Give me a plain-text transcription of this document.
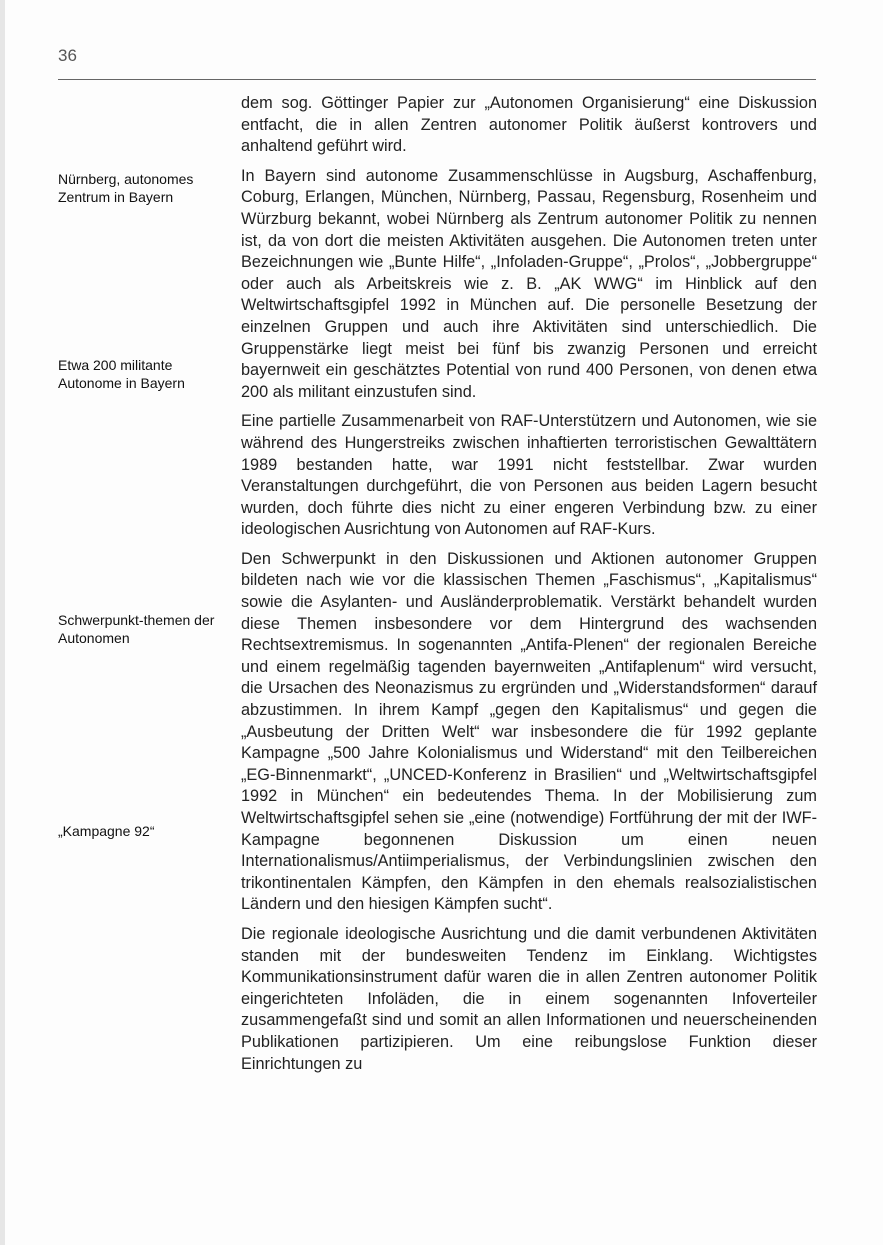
36
Nürnberg, autonomes Zentrum in Bayern
Etwa 200 militante Autonome in Bayern
Schwerpunkt-themen der Autonomen
„Kampagne 92“

dem sog. Göttinger Papier zur „Autonomen Organisierung“ eine Diskussion entfacht, die in allen Zentren autonomer Politik äußerst kontrovers und anhaltend geführt wird.

In Bayern sind autonome Zusammenschlüsse in Augsburg, Aschaffenburg, Coburg, Erlangen, München, Nürnberg, Passau, Regensburg, Rosenheim und Würzburg bekannt, wobei Nürnberg als Zentrum autonomer Politik zu nennen ist, da von dort die meisten Aktivitäten ausgehen. Die Autonomen treten unter Bezeichnungen wie „Bunte Hilfe“, „Infoladen-Gruppe“, „Prolos“, „Jobbergruppe“ oder auch als Arbeitskreis wie z. B. „AK WWG“ im Hinblick auf den Weltwirtschaftsgipfel 1992 in München auf. Die personelle Besetzung der einzelnen Gruppen und auch ihre Aktivitäten sind unterschiedlich. Die Gruppenstärke liegt meist bei fünf bis zwanzig Personen und erreicht bayernweit ein geschätztes Potential von rund 400 Personen, von denen etwa 200 als militant einzustufen sind.

Eine partielle Zusammenarbeit von RAF-Unterstützern und Autonomen, wie sie während des Hungerstreiks zwischen inhaftierten terroristischen Gewalttätern 1989 bestanden hatte, war 1991 nicht feststellbar. Zwar wurden Veranstaltungen durchgeführt, die von Personen aus beiden Lagern besucht wurden, doch führte dies nicht zu einer engeren Verbindung bzw. zu einer ideologischen Ausrichtung von Autonomen auf RAF-Kurs.

Den Schwerpunkt in den Diskussionen und Aktionen autonomer Gruppen bildeten nach wie vor die klassischen Themen „Faschismus“, „Kapitalismus“ sowie die Asylanten- und Ausländerproblematik. Verstärkt behandelt wurden diese Themen insbesondere vor dem Hintergrund des wachsenden Rechtsextremismus. In sogenannten „Antifa-Plenen“ der regionalen Bereiche und einem regelmäßig tagenden bayernweiten „Antifaplenum“ wird versucht, die Ursachen des Neonazismus zu ergründen und „Widerstandsformen“ darauf abzustimmen. In ihrem Kampf „gegen den Kapitalismus“ und gegen die „Ausbeutung der Dritten Welt“ war insbesondere die für 1992 geplante Kampagne „500 Jahre Kolonialismus und Widerstand“ mit den Teilbereichen „EG-Binnenmarkt“, „UNCED-Konferenz in Brasilien“ und „Weltwirtschaftsgipfel 1992 in München“ ein bedeutendes Thema. In der Mobilisierung zum Weltwirtschaftsgipfel sehen sie „eine (notwendige) Fortführung der mit der IWF-Kampagne begonnenen Diskussion um einen neuen Internationalismus/Antiimperialismus, der Verbindungslinien zwischen den trikontinentalen Kämpfen, den Kämpfen in den ehemals realsozialistischen Ländern und den hiesigen Kämpfen sucht“.

Die regionale ideologische Ausrichtung und die damit verbundenen Aktivitäten standen mit der bundesweiten Tendenz im Einklang. Wichtigstes Kommunikationsinstrument dafür waren die in allen Zentren autonomer Politik eingerichteten Infoläden, die in einem sogenannten Infoverteiler zusammengefaßt sind und somit an allen Informationen und neuerscheinenden Publikationen partizipieren. Um eine reibungslose Funktion dieser Einrichtungen zu
